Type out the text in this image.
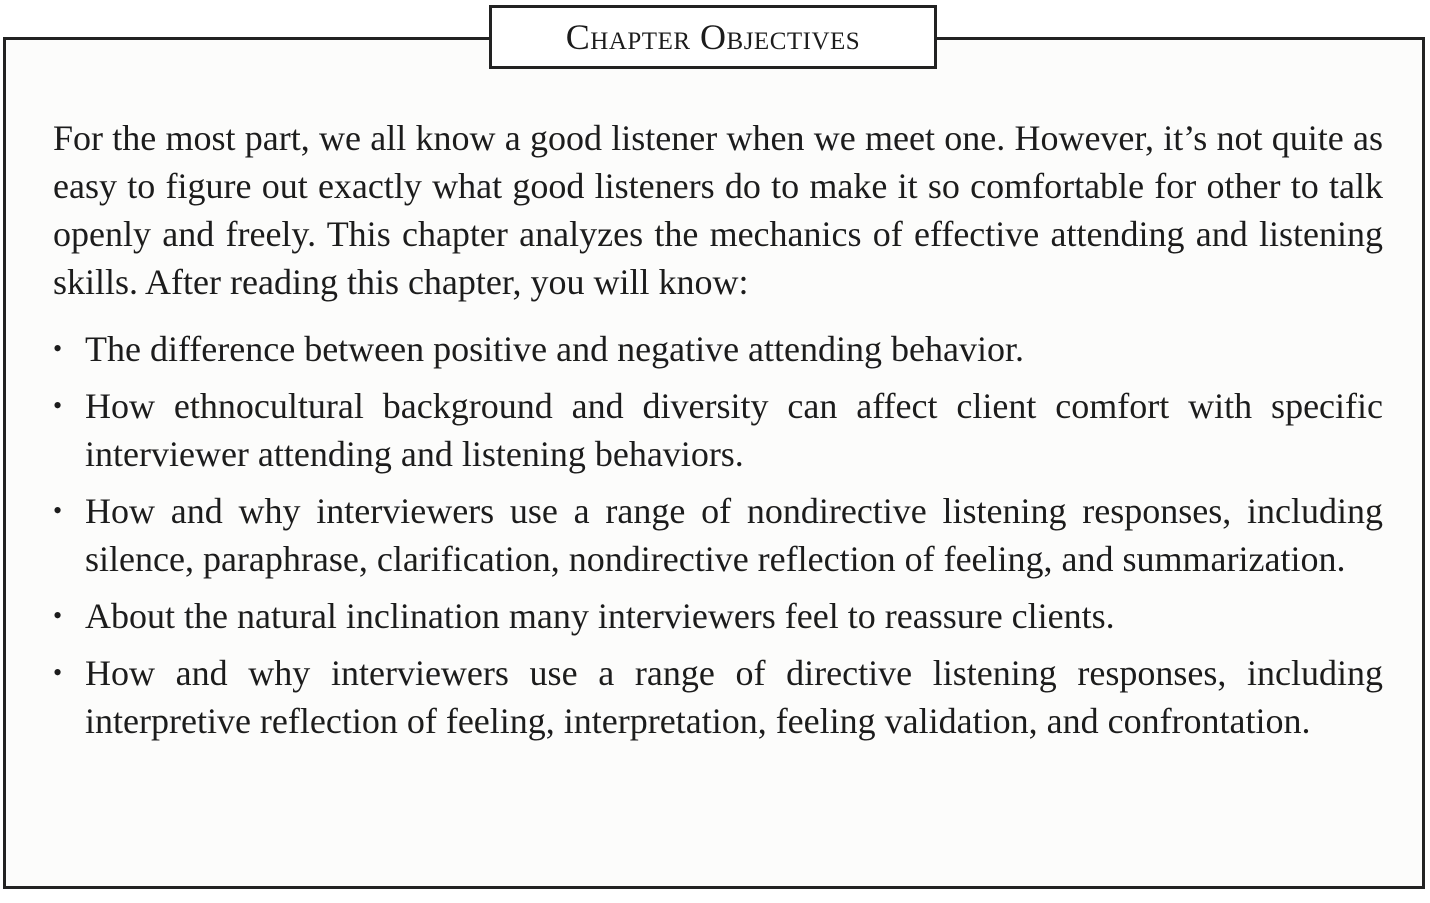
Chapter Objectives

For the most part, we all know a good listener when we meet one. However, it’s not quite as easy to figure out exactly what good listeners do to make it so comfortable for other to talk openly and freely. This chapter analyzes the mechanics of effective attending and listening skills. After reading this chapter, you will know:

• The difference between positive and negative attending behavior.
• How ethnocultural background and diversity can affect client comfort with specific interviewer attending and listening behaviors.
• How and why interviewers use a range of nondirective listening responses, including silence, paraphrase, clarification, nondirective reflection of feeling, and summarization.
• About the natural inclination many interviewers feel to reassure clients.
• How and why interviewers use a range of directive listening responses, including interpretive reflection of feeling, interpretation, feeling validation, and confrontation.
